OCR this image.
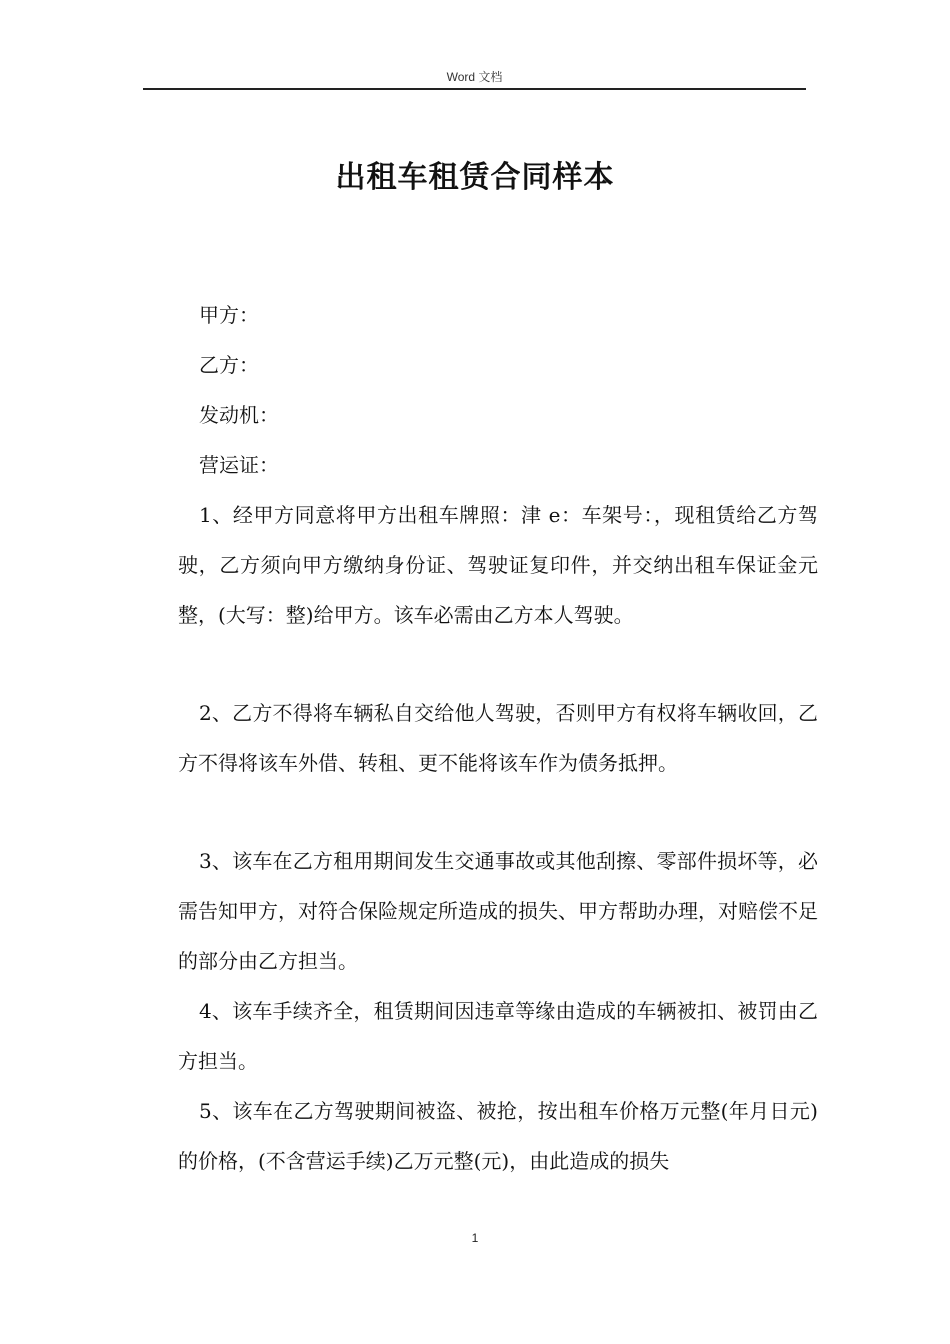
Word 文档
出租车租赁合同样本

甲方：

乙方：

发动机：

营运证：

1、经甲方同意将甲方出租车牌照：津 e：车架号：，现租赁给乙方驾驶，乙方须向甲方缴纳身份证、驾驶证复印件，并交纳出租车保证金元整，(大写：整)给甲方。该车必需由乙方本人驾驶。

2、乙方不得将车辆私自交给他人驾驶，否则甲方有权将车辆收回，乙方不得将该车外借、转租、更不能将该车作为债务抵押。

3、该车在乙方租用期间发生交通事故或其他刮擦、零部件损坏等，必需告知甲方，对符合保险规定所造成的损失、甲方帮助办理，对赔偿不足的部分由乙方担当。

4、该车手续齐全，租赁期间因违章等缘由造成的车辆被扣、被罚由乙方担当。

5、该车在乙方驾驶期间被盗、被抢，按出租车价格万元整(年月日元)的价格，(不含营运手续)乙万元整(元)，由此造成的损失

1
